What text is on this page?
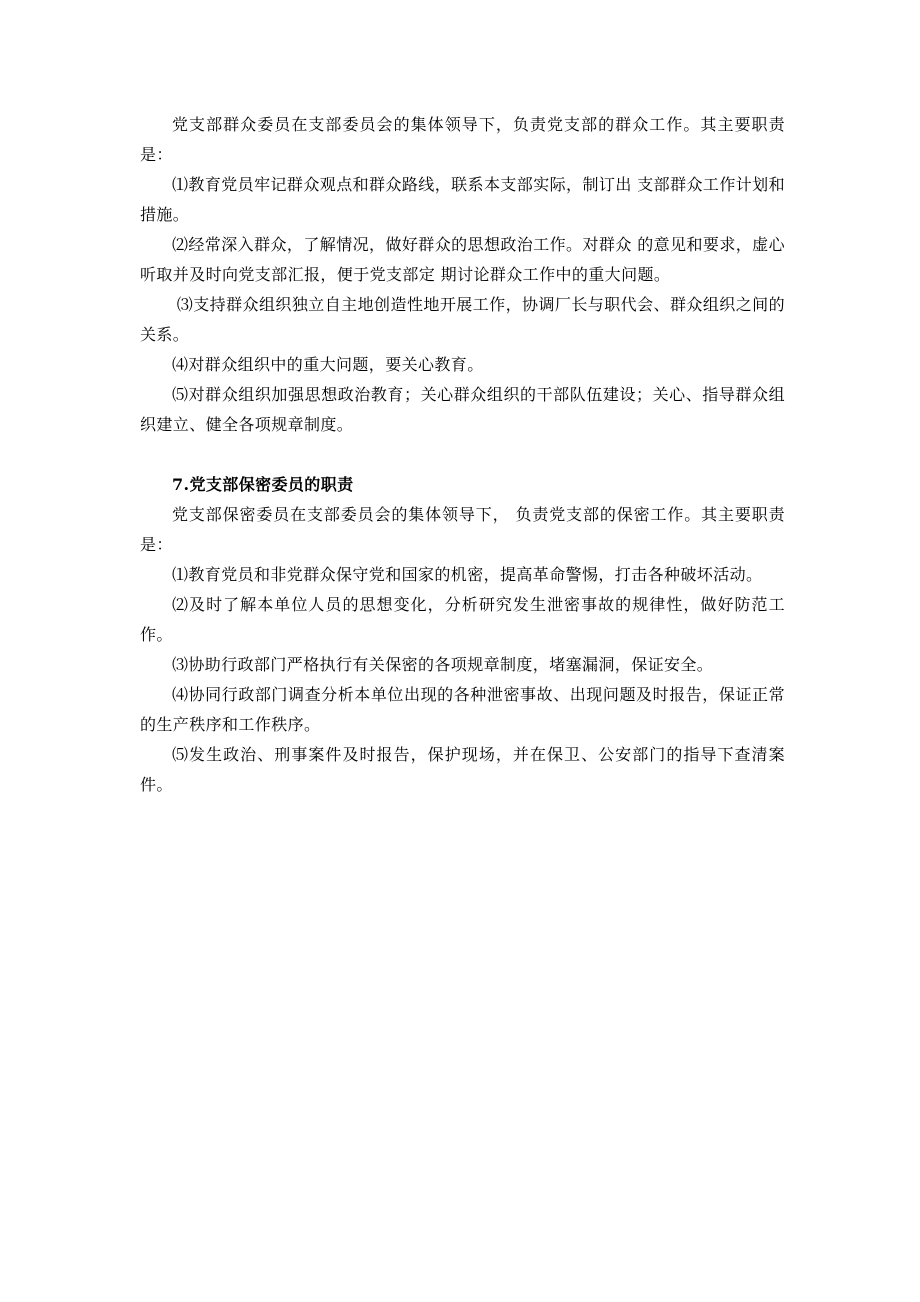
党支部群众委员在支部委员会的集体领导下，负责党支部的群众工作。其主要职责是：

⑴教育党员牢记群众观点和群众路线，联系本支部实际，制订出 支部群众工作计划和措施。

⑵经常深入群众，了解情况，做好群众的思想政治工作。对群众 的意见和要求，虚心听取并及时向党支部汇报，便于党支部定 期讨论群众工作中的重大问题。

⑶支持群众组织独立自主地创造性地开展工作，协调厂长与职代会、群众组织之间的关系。

⑷对群众组织中的重大问题，要关心教育。

⑸对群众组织加强思想政治教育；关心群众组织的干部队伍建设；关心、指导群众组织建立、健全各项规章制度。

7.党支部保密委员的职责

党支部保密委员在支部委员会的集体领导下， 负责党支部的保密工作。其主要职责是：

⑴教育党员和非党群众保守党和国家的机密，提高革命警惕，打击各种破坏活动。

⑵及时了解本单位人员的思想变化，分析研究发生泄密事故的规律性，做好防范工作。

⑶协助行政部门严格执行有关保密的各项规章制度，堵塞漏洞，保证安全。

⑷协同行政部门调查分析本单位出现的各种泄密事故、出现问题及时报告，保证正常的生产秩序和工作秩序。

⑸发生政治、刑事案件及时报告，保护现场，并在保卫、公安部门的指导下查清案件。
